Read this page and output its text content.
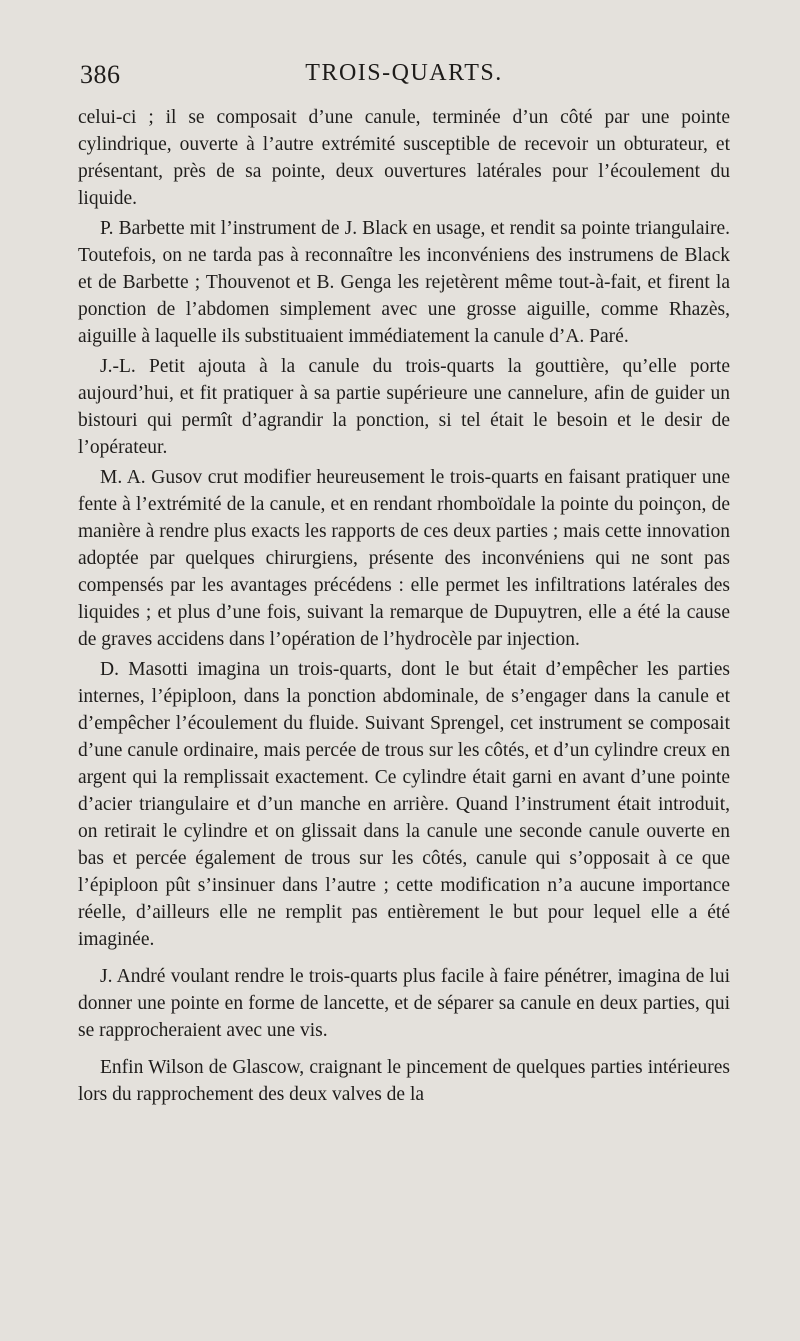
386	TROIS-QUARTS.

celui-ci ; il se composait d’une canule, terminée d’un côté par une pointe cylindrique, ouverte à l’autre extrémité susceptible de recevoir un obturateur, et présentant, près de sa pointe, deux ouvertures latérales pour l’écoulement du liquide.

P. Barbette mit l’instrument de J. Black en usage, et rendit sa pointe triangulaire. Toutefois, on ne tarda pas à reconnaître les inconvéniens des instrumens de Black et de Barbette ; Thouvenot et B. Genga les rejetèrent même tout-à-fait, et firent la ponction de l’abdomen simplement avec une grosse aiguille, comme Rhazès, aiguille à laquelle ils substituaient immédiatement la canule d’A. Paré.

J.-L. Petit ajouta à la canule du trois-quarts la gouttière, qu’elle porte aujourd’hui, et fit pratiquer à sa partie supérieure une cannelure, afin de guider un bistouri qui permît d’agrandir la ponction, si tel était le besoin et le desir de l’opérateur.

M. A. Gusov crut modifier heureusement le trois-quarts en faisant pratiquer une fente à l’extrémité de la canule, et en rendant rhomboïdale la pointe du poinçon, de manière à rendre plus exacts les rapports de ces deux parties ; mais cette innovation adoptée par quelques chirurgiens, présente des inconvéniens qui ne sont pas compensés par les avantages précédens : elle permet les infiltrations latérales des liquides ; et plus d’une fois, suivant la remarque de Dupuytren, elle a été la cause de graves accidens dans l’opération de l’hydrocèle par injection.

D. Masotti imagina un trois-quarts, dont le but était d’empêcher les parties internes, l’épiploon, dans la ponction abdominale, de s’engager dans la canule et d’empêcher l’écoulement du fluide. Suivant Sprengel, cet instrument se composait d’une canule ordinaire, mais percée de trous sur les côtés, et d’un cylindre creux en argent qui la remplissait exactement. Ce cylindre était garni en avant d’une pointe d’acier triangulaire et d’un manche en arrière. Quand l’instrument était introduit, on retirait le cylindre et on glissait dans la canule une seconde canule ouverte en bas et percée également de trous sur les côtés, canule qui s’opposait à ce que l’épiploon pût s’insinuer dans l’autre ; cette modification n’a aucune importance réelle, d’ailleurs elle ne remplit pas entièrement le but pour lequel elle a été imaginée.

J. André voulant rendre le trois-quarts plus facile à faire pénétrer, imagina de lui donner une pointe en forme de lancette, et de séparer sa canule en deux parties, qui se rapprocheraient avec une vis.

Enfin Wilson de Glascow, craignant le pincement de quelques parties intérieures lors du rapprochement des deux valves de la
